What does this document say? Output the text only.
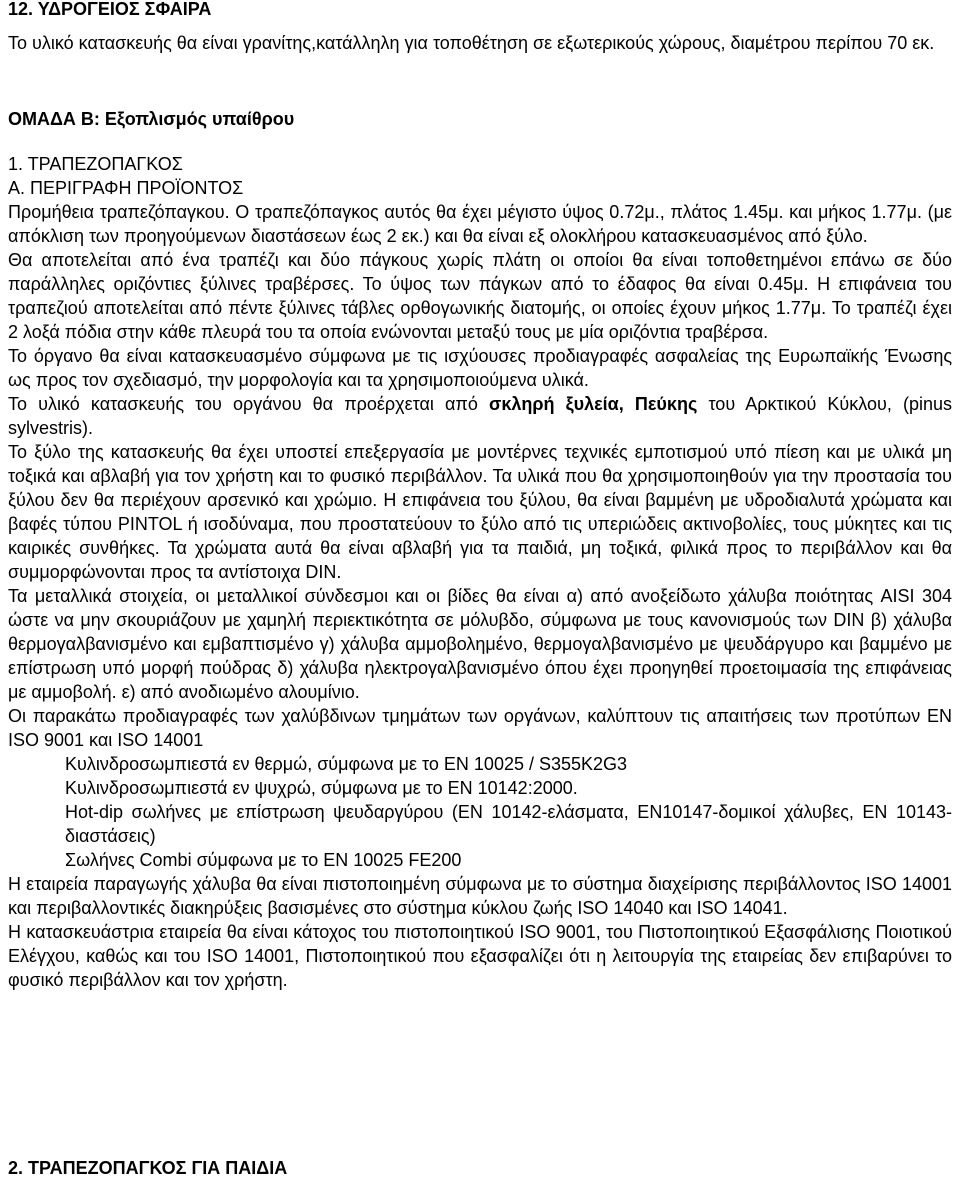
12. ΥΔΡΟΓΕΙΟΣ ΣΦΑΙΡΑ

Το υλικό κατασκευής θα είναι γρανίτης,κατάλληλη για τοποθέτηση σε εξωτερικούς χώρους, διαμέτρου περίπου 70 εκ.

ΟΜΑΔΑ Β: Εξοπλισμός υπαίθρου

1. ΤΡΑΠΕΖΟΠΑΓΚΟΣ

Α. ΠΕΡΙΓΡΑΦΗ ΠΡΟΪΟΝΤΟΣ

Προμήθεια τραπεζόπαγκου. Ο τραπεζόπαγκος αυτός θα έχει μέγιστο ύψος 0.72μ., πλάτος 1.45μ. και μήκος 1.77μ. (με απόκλιση των προηγούμενων διαστάσεων έως 2 εκ.) και θα είναι εξ ολοκλήρου κατασκευασμένος από ξύλο.

Θα αποτελείται από ένα τραπέζι και δύο πάγκους χωρίς πλάτη οι οποίοι θα είναι τοποθετημένοι επάνω σε δύο παράλληλες οριζόντιες ξύλινες τραβέρσες. Το ύψος των πάγκων από το έδαφος θα είναι 0.45μ. Η επιφάνεια του τραπεζιού αποτελείται από πέντε ξύλινες τάβλες ορθογωνικής διατομής, οι οποίες έχουν μήκος 1.77μ. Το τραπέζι έχει 2 λοξά πόδια στην κάθε πλευρά του τα οποία ενώνονται μεταξύ τους με μία οριζόντια τραβέρσα.

Το όργανο θα είναι κατασκευασμένο σύμφωνα με τις ισχύουσες προδιαγραφές ασφαλείας της Ευρωπαϊκής Ένωσης ως προς τον σχεδιασμό, την μορφολογία και τα χρησιμοποιούμενα υλικά.

Το υλικό κατασκευής του οργάνου θα προέρχεται από σκληρή ξυλεία, Πεύκης του Αρκτικού Κύκλου, (pinus sylvestris).

Το ξύλο της κατασκευής θα έχει υποστεί επεξεργασία με μοντέρνες τεχνικές εμποτισμού υπό πίεση και με υλικά μη τοξικά και αβλαβή για τον χρήστη και το φυσικό περιβάλλον. Τα υλικά που θα χρησιμοποιηθούν για την προστασία του ξύλου δεν θα περιέχουν αρσενικό και χρώμιο. Η επιφάνεια του ξύλου, θα είναι βαμμένη με υδροδιαλυτά χρώματα και βαφές τύπου PINTOL ή ισοδύναμα, που προστατεύουν το ξύλο από τις υπεριώδεις ακτινοβολίες, τους μύκητες και τις καιρικές συνθήκες. Τα χρώματα αυτά θα είναι αβλαβή για τα παιδιά, μη τοξικά, φιλικά προς το περιβάλλον και θα συμμορφώνονται προς τα αντίστοιχα DIN.

Τα μεταλλικά στοιχεία, οι μεταλλικοί σύνδεσμοι και οι βίδες θα είναι α) από ανοξείδωτο χάλυβα ποιότητας AISI 304 ώστε να μην σκουριάζουν με χαμηλή περιεκτικότητα σε μόλυβδο, σύμφωνα με τους κανονισμούς των DIN β) χάλυβα θερμογαλβανισμένο και εμβαπτισμένο γ) χάλυβα αμμοβολημένο, θερμογαλβανισμένο με ψευδάργυρο και βαμμένο με επίστρωση υπό μορφή πούδρας δ) χάλυβα ηλεκτρογαλβανισμένο όπου έχει προηγηθεί προετοιμασία της επιφάνειας με αμμοβολή. ε) από ανοδιωμένο αλουμίνιο.

Οι παρακάτω προδιαγραφές των χαλύβδινων τμημάτων των οργάνων, καλύπτουν τις απαιτήσεις των προτύπων EN ISO 9001 και ISO 14001

Κυλινδροσωμπιεστά εν θερμώ, σύμφωνα με το EN 10025 / S355K2G3

Κυλινδροσωμπιεστά εν ψυχρώ, σύμφωνα με το EN 10142:2000.

Hot-dip σωλήνες με επίστρωση ψευδαργύρου (EN 10142-ελάσματα, EN10147-δομικοί χάλυβες, EN 10143-διαστάσεις)

Σωλήνες Combi σύμφωνα με το EN 10025 FE200

Η εταιρεία παραγωγής χάλυβα θα είναι πιστοποιημένη σύμφωνα με το σύστημα διαχείρισης περιβάλλοντος ISO 14001 και περιβαλλοντικές διακηρύξεις βασισμένες στο σύστημα κύκλου ζωής ISO 14040 και ISO 14041.

Η κατασκευάστρια εταιρεία θα είναι κάτοχος του πιστοποιητικού ISO 9001, του Πιστοποιητικού Εξασφάλισης Ποιοτικού Ελέγχου, καθώς και του ISO 14001, Πιστοποιητικού που εξασφαλίζει ότι η λειτουργία της εταιρείας δεν επιβαρύνει το φυσικό περιβάλλον και τον χρήστη.

2. ΤΡΑΠΕΖΟΠΑΓΚΟΣ ΓΙΑ ΠΑΙΔΙΑ
